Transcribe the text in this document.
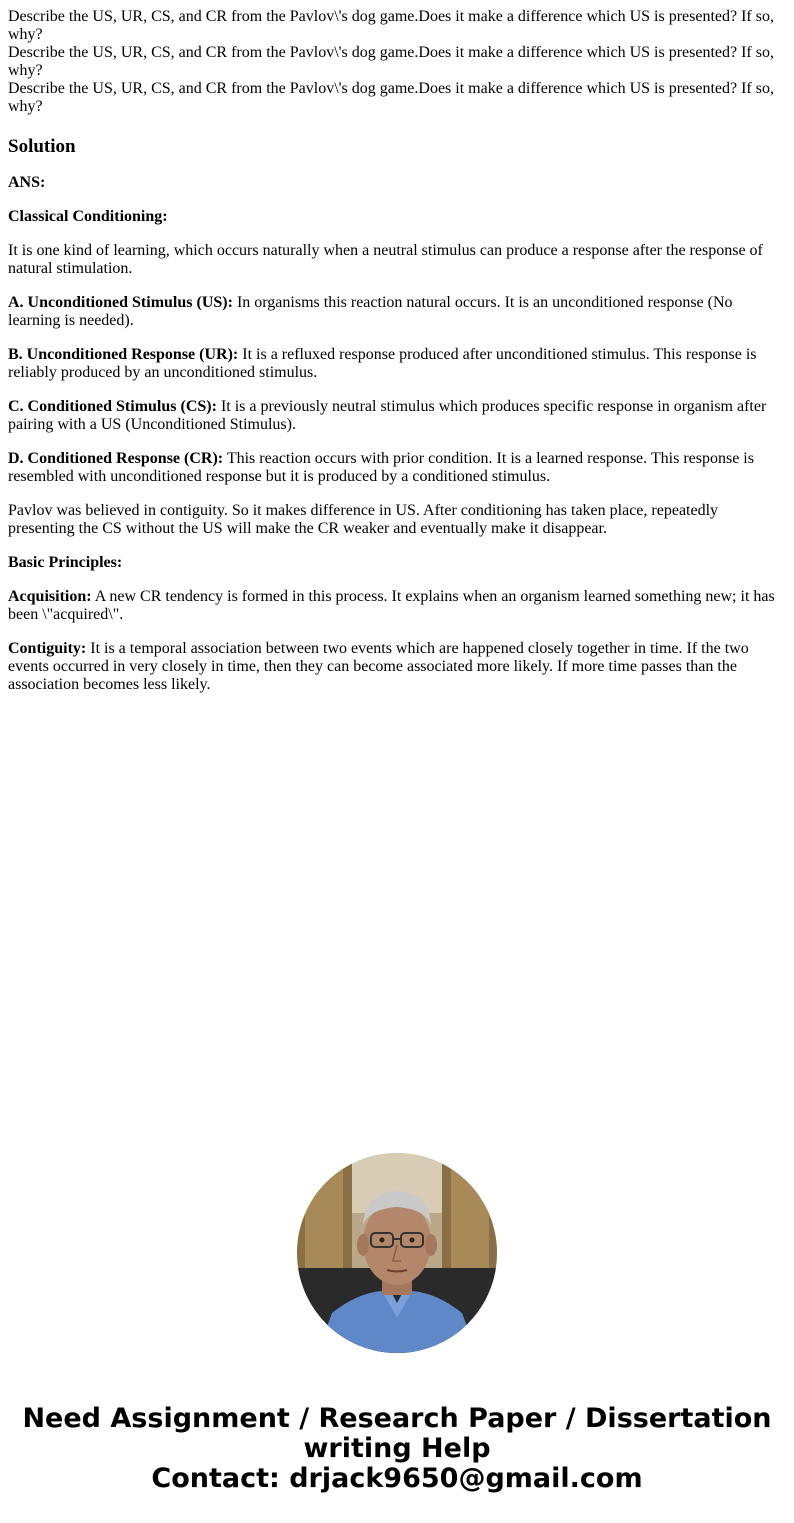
Describe the US, UR, CS, and CR from the Pavlov\'s dog game.Does it make a difference which US is presented? If so, why?
Describe the US, UR, CS, and CR from the Pavlov\'s dog game.Does it make a difference which US is presented? If so, why?
Describe the US, UR, CS, and CR from the Pavlov\'s dog game.Does it make a difference which US is presented? If so, why?
Solution

ANS:

Classical Conditioning:

It is one kind of learning, which occurs naturally when a neutral stimulus can produce a response after the response of natural stimulation.

A. Unconditioned Stimulus (US): In organisms this reaction natural occurs. It is an unconditioned response (No learning is needed).

B. Unconditioned Response (UR): It is a refluxed response produced after unconditioned stimulus. This response is reliably produced by an unconditioned stimulus.

C. Conditioned Stimulus (CS): It is a previously neutral stimulus which produces specific response in organism after pairing with a US (Unconditioned Stimulus).

D. Conditioned Response (CR): This reaction occurs with prior condition. It is a learned response. This response is resembled with unconditioned response but it is produced by a conditioned stimulus.

Pavlov was believed in contiguity. So it makes difference in US. After conditioning has taken place, repeatedly presenting the CS without the US will make the CR weaker and eventually make it disappear.

Basic Principles:

Acquisition: A new CR tendency is formed in this process. It explains when an organism learned something new; it has been \"acquired\".

Contiguity: It is a temporal association between two events which are happened closely together in time. If the two events occurred in very closely in time, then they can become associated more likely. If more time passes than the association becomes less likely.

Need Assignment / Research Paper / Dissertation
writing Help
Contact: drjack9650@gmail.com
